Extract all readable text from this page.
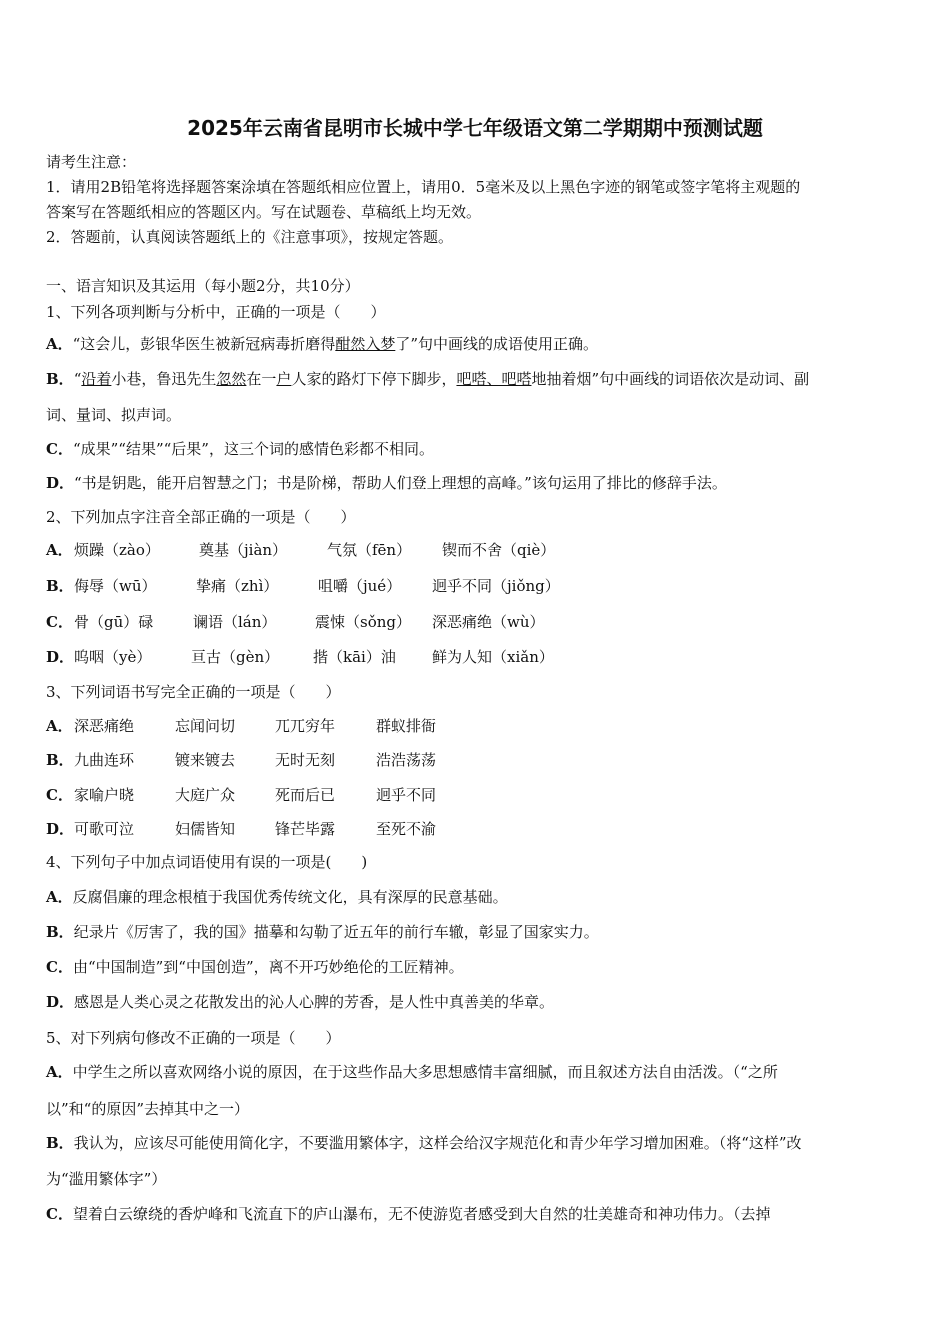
2025年云南省昆明市长城中学七年级语文第二学期期中预测试题
请考生注意：
1．请用2B铅笔将选择题答案涂填在答题纸相应位置上，请用0．5毫米及以上黑色字迹的钢笔或签字笔将主观题的
答案写在答题纸相应的答题区内。写在试题卷、草稿纸上均无效。
2．答题前，认真阅读答题纸上的《注意事项》，按规定答题。
一、语言知识及其运用（每小题2分，共10分）
1、下列各项判断与分析中，正确的一项是（　　）
A．“这会儿，彭银华医生被新冠病毒折磨得酣然入梦了”句中画线的成语使用正确。
B．“沿着小巷，鲁迅先生忽然在一户人家的路灯下停下脚步，吧嗒、吧嗒地抽着烟”句中画线的词语依次是动词、副
词、量词、拟声词。
C．“成果”“结果”“后果”，这三个词的感情色彩都不相同。
D．“书是钥匙，能开启智慧之门；书是阶梯，帮助人们登上理想的高峰。”该句运用了排比的修辞手法。
2、下列加点字注音全部正确的一项是（　　）
A．烦躁（zào）	奠基（jiàn）	气氛（fēn） 锲而不舍（qiè）
B．侮辱（wū）	挚痛（zhì）	咀嚼（jué） 迥乎不同（jiǒng）
C．骨（gū）碌	谰语（lán）	震悚（sǒng） 深恶痛绝（wù）
D．呜咽（yè）	亘古（gèn） 揩（kāi）油 鲜为人知（xiǎn）
3、下列词语书写完全正确的一项是（　　）
A．深恶痛绝	忘闻问切	兀兀穷年	群蚁排衙
B．九曲连环	镀来镀去	无时无刻	浩浩荡荡
C．家喻户晓	大庭广众	死而后已	迥乎不同
D．可歌可泣	妇儒皆知	锋芒毕露	至死不渝
4、下列句子中加点词语使用有误的一项是(　　)
A．反腐倡廉的理念根植于我国优秀传统文化，具有深厚的民意基础。
B．纪录片《厉害了，我的国》描摹和勾勒了近五年的前行车辙，彰显了国家实力。
C．由“中国制造”到“中国创造”，离不开巧妙绝伦的工匠精神。
D．感恩是人类心灵之花散发出的沁人心脾的芳香，是人性中真善美的华章。
5、对下列病句修改不正确的一项是（　　）
A．中学生之所以喜欢网络小说的原因，在于这些作品大多思想感情丰富细腻，而且叙述方法自由活泼。（“之所
以”和“的原因”去掉其中之一）
B．我认为，应该尽可能使用简化字，不要滥用繁体字，这样会给汉字规范化和青少年学习增加困难。（将“这样”改
为“滥用繁体字”）
C．望着白云缭绕的香炉峰和飞流直下的庐山瀑布，无不使游览者感受到大自然的壮美雄奇和神功伟力。（去掉
